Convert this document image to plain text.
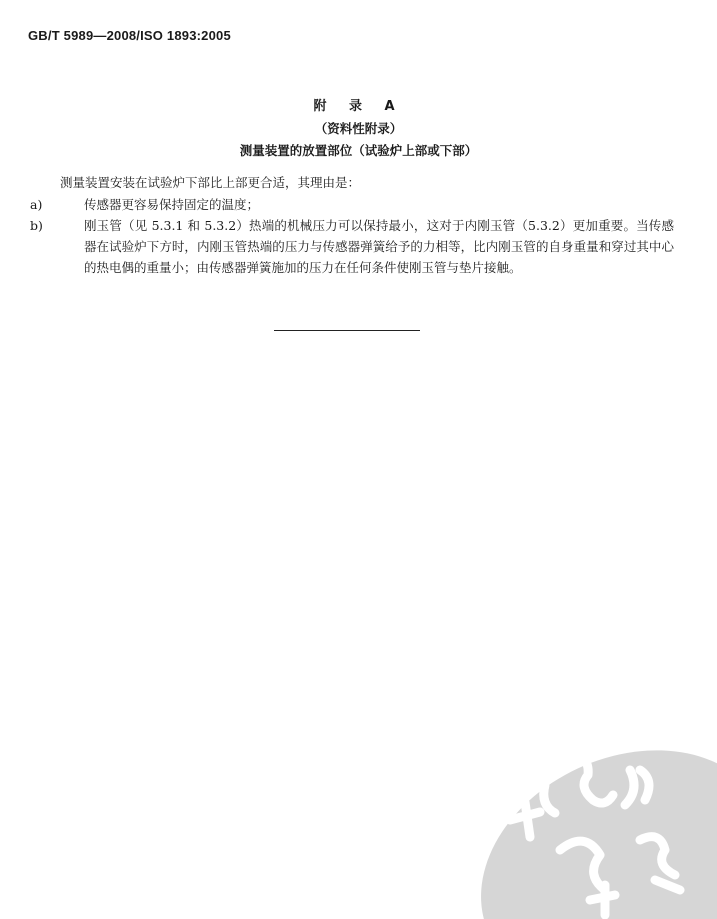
GB/T 5989—2008/ISO 1893:2005
附 录 A
（资料性附录）
测量装置的放置部位（试验炉上部或下部）
测量装置安装在试验炉下部比上部更合适，其理由是：
a)	传感器更容易保持固定的温度；
b)	刚玉管（见 5.3.1 和 5.3.2）热端的机械压力可以保持最小，这对于内刚玉管（5.3.2）更加重要。当传感器在试验炉下方时，内刚玉管热端的压力与传感器弹簧给予的力相等，比内刚玉管的自身重量和穿过其中心的热电偶的重量小；由传感器弹簧施加的压力在任何条件使刚玉管与垫片接触。
